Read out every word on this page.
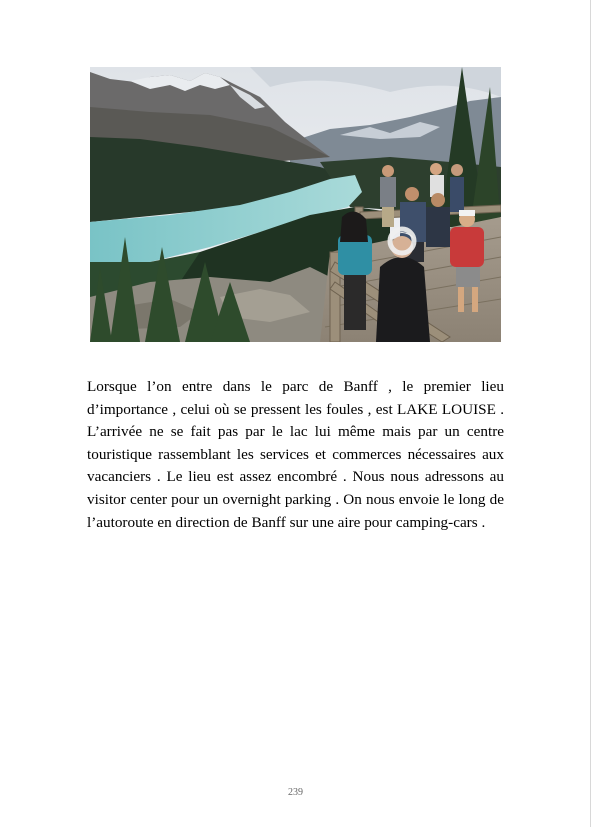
Lorsque l’on entre dans le parc de Banff , le premier lieu d’importance , celui où se pressent les foules , est LAKE LOUISE . L’arrivée ne se fait pas par le lac lui même mais par un centre touristique rassemblant les services et commerces nécessaires aux vacanciers . Le lieu est assez encombré . Nous nous adressons au visitor center pour un overnight parking . On nous envoie le long de l’autoroute en direction de Banff sur une aire pour camping-cars .

239
